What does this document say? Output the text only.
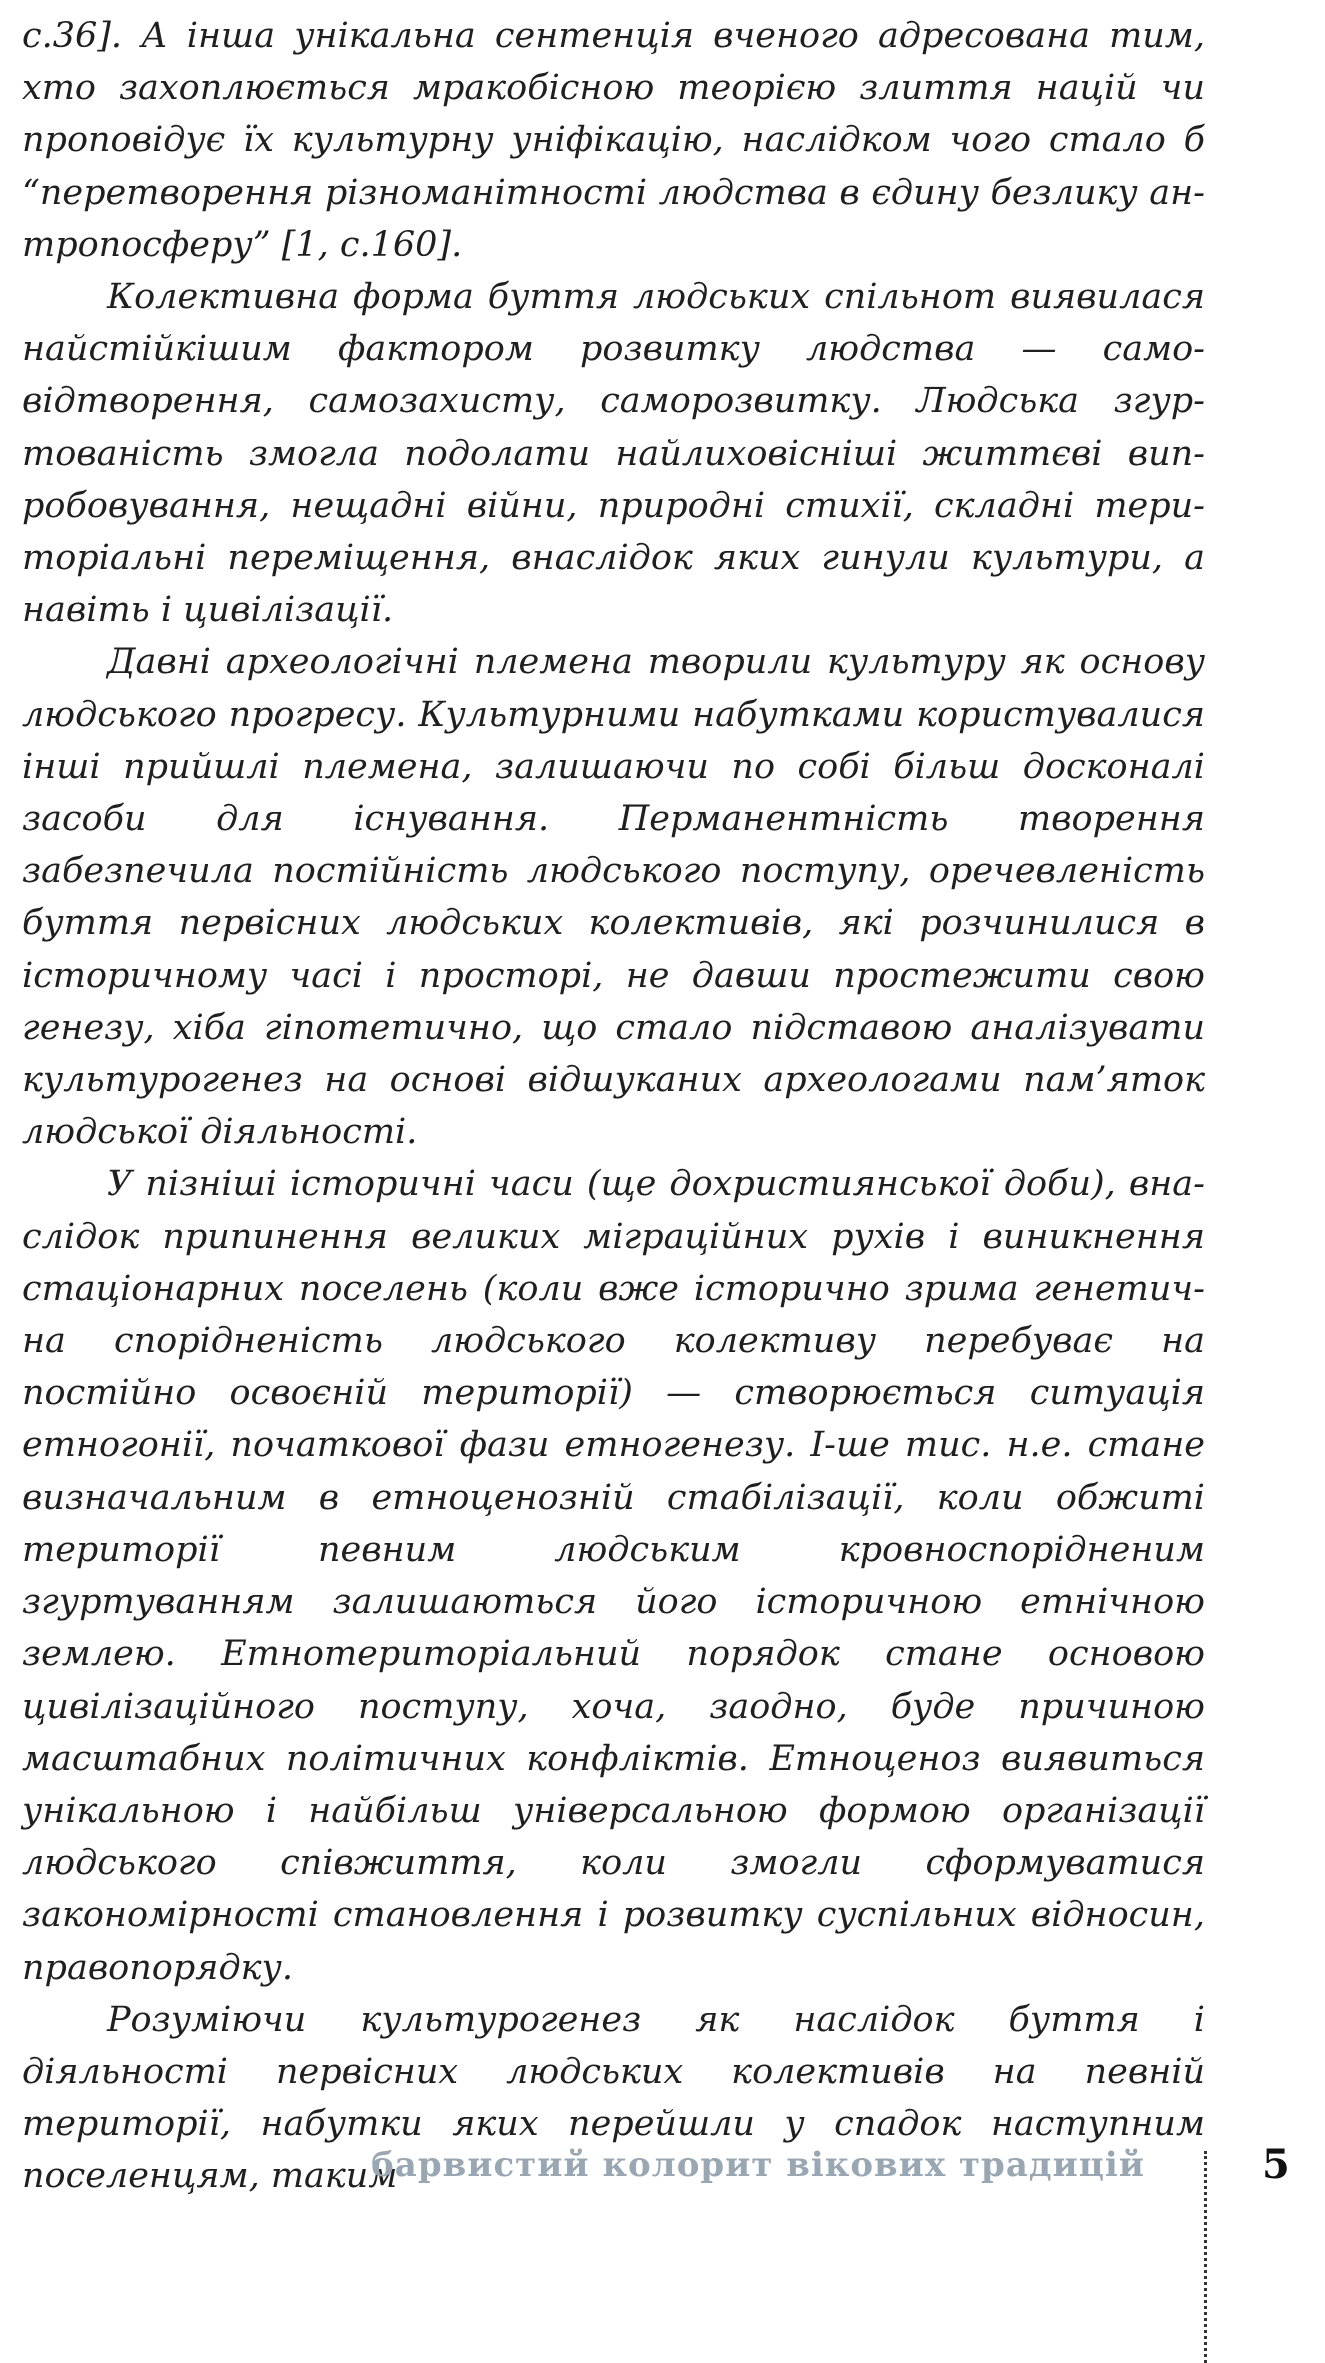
с.36]. А інша унікальна сентенція вченого адресована тим, хто захоплюється мракобісною теорією злиття націй чи проповідує їх культурну уніфікацію, наслідком чого стало б “перетворення різноманітності людства в єдину безлику антропосферу” [1, с.160].

Колективна форма буття людських спільнот виявилася найстійкішим фактором розвитку людства — самовідтворення, самозахисту, саморозвитку. Людська згуртованість змогла подолати найлиховісніші життєві випробовування, нещадні війни, природні стихії, складні територіальні переміщення, внаслідок яких гинули культури, а навіть і цивілізації.

Давні археологічні племена творили культуру як основу людського прогресу. Культурними набутками користувалися інші прийшлі племена, залишаючи по собі більш досконалі засоби для існування. Перманентність творення забезпечила постійність людського поступу, оречевленість буття первісних людських колективів, які розчинилися в історичному часі і просторі, не давши простежити свою генезу, хіба гіпотетично, що стало підставою аналізувати культурогенез на основі відшуканих археологами пам’яток людської діяльності.

У пізніші історичні часи (ще дохристиянської доби), внаслідок припинення великих міграційних рухів і виникнення стаціонарних поселень (коли вже історично зрима генетична спорідненість людського колективу перебуває на постійно освоєній території) — створюється ситуація етногонії, початкової фази етногенезу. І-ше тис. н.е. стане визначальним в етноценозній стабілізації, коли обжиті території певним людським кровноспорідненим згуртуванням залишаються його історичною етнічною землею. Етнотериторіальний порядок стане основою цивілізаційного поступу, хоча, заодно, буде причиною масштабних політичних конфліктів. Етноценоз виявиться унікальною і найбільш універсальною формою організації людського співжиття, коли змогли сформуватися закономірності становлення і розвитку суспільних відносин, правопорядку.

Розуміючи культурогенез як наслідок буття і діяльності первісних людських колективів на певній території, набутки яких перейшли у спадок наступним поселенцям, таким

барвистий колорит вікових традицій	5
